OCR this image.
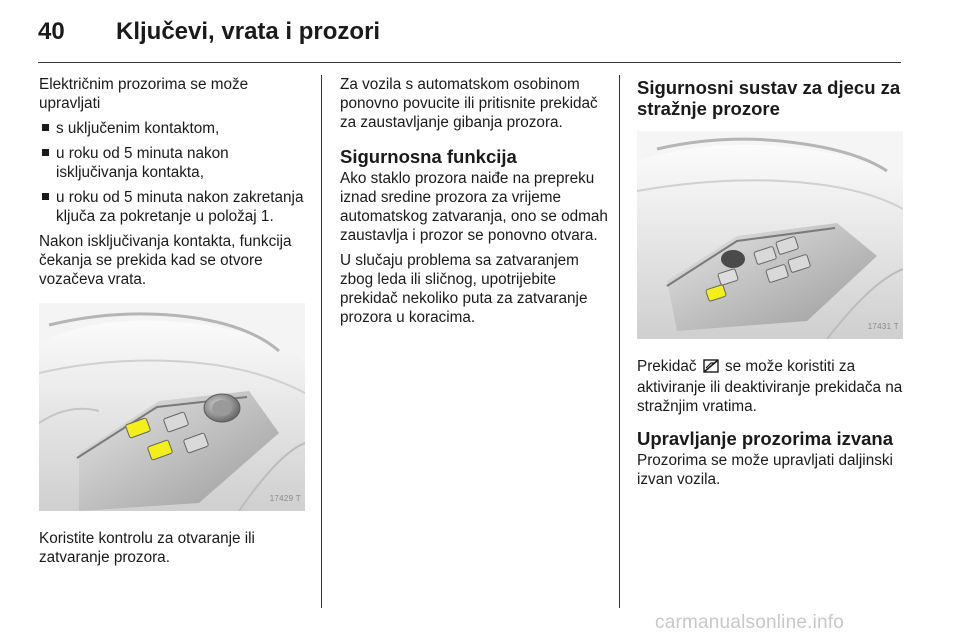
40 Ključevi, vrata i prozori

Električnim prozorima se može upravljati

s uključenim kontaktom,
u roku od 5 minuta nakon isključivanja kontakta,
u roku od 5 minuta nakon zakretanja ključa za pokretanje u položaj 1.

Nakon isključivanja kontakta, funkcija čekanja se prekida kad se otvore vozačeva vrata.

17429 T

Koristite kontrolu za otvaranje ili zatvaranje prozora.

Za vozila s automatskom osobinom ponovno povucite ili pritisnite prekidač za zaustavljanje gibanja prozora.

Sigurnosna funkcija

Ako staklo prozora naiđe na prepreku iznad sredine prozora za vrijeme automatskog zatvaranja, ono se odmah zaustavlja i prozor se ponovno otvara.

U slučaju problema sa zatvaranjem zbog leda ili sličnog, upotrijebite prekidač nekoliko puta za zatvaranje prozora u koracima.

Sigurnosni sustav za djecu za stražnje prozore
17431 T

Prekidač  se može koristiti za aktiviranje ili deaktiviranje prekidača na stražnjim vratima.

Upravljanje prozorima izvana

Prozorima se može upravljati daljinski izvan vozila.

carmanualsonline.info
